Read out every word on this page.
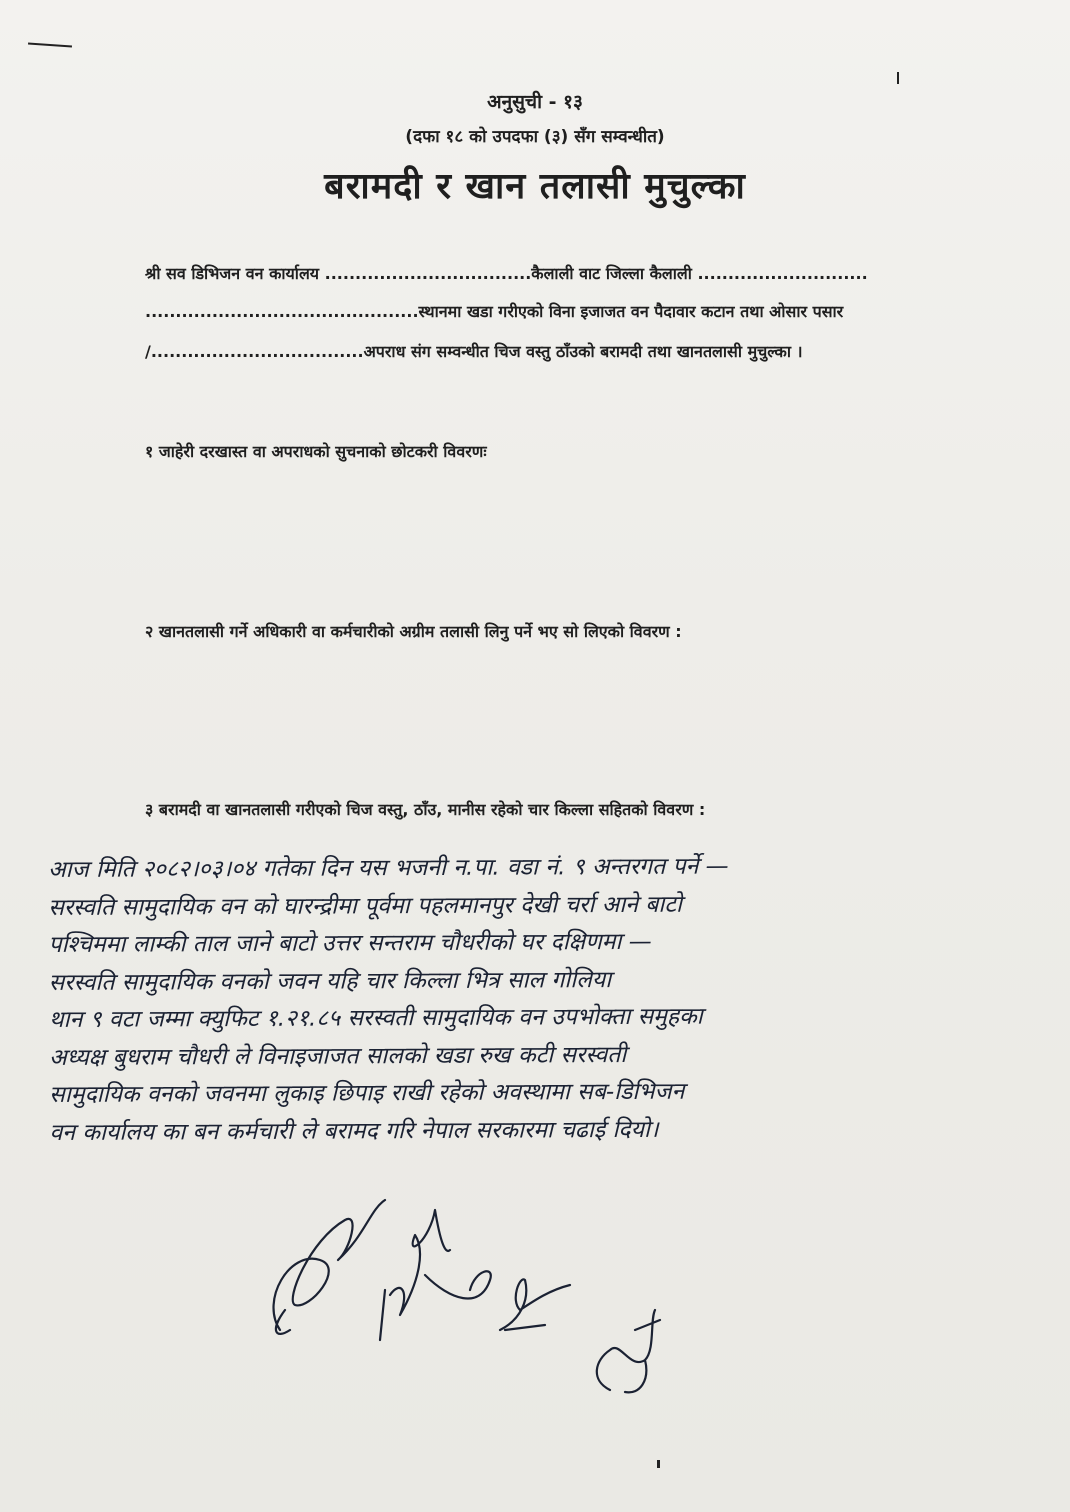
अनुसुची - १३
(दफा १८ को उपदफा (३) सँग सम्वन्धीत)
बरामदी र खान तलासी मुचुल्का
श्री सव डिभिजन वन कार्यालय ..................................कैलाली वाट जिल्ला कैलाली ............................
.............................................स्थानमा खडा गरीएको विना इजाजत वन पैदावार कटान तथा ओसार पसार
/...................................अपराध संग सम्वन्धीत चिज वस्तु ठाँउको बरामदी तथा खानतलासी मुचुल्का ।
१ जाहेरी दरखास्त वा अपराधको सुचनाको छोटकरी विवरणः
२ खानतलासी गर्ने अधिकारी वा कर्मचारीको अग्रीम तलासी लिनु पर्ने भए सो लिएको विवरण :
३ बरामदी वा खानतलासी गरीएको चिज वस्तु, ठाँउ, मानीस रहेको चार किल्ला सहितको विवरण :
आज मिति २०८२।०३।०४ गतेका दिन यस भजनी न.पा. वडा नं. ९ अन्तरगत पर्ने —
सरस्वति सामुदायिक वन को घारन्द्रीमा पूर्वमा पहलमानपुर देखी चर्रा आने बाटो
पश्चिममा लाम्की ताल जाने बाटो उत्तर सन्तराम चौधरीको घर दक्षिणमा —
सरस्वति सामुदायिक वनको जवन यहि चार किल्ला भित्र साल गोलिया
थान ९ वटा जम्मा क्युफिट १.२१.८५ सरस्वती सामुदायिक वन उपभोक्ता समुहका
अध्यक्ष बुधराम चौधरी ले विनाइजाजत सालको खडा रुख कटी सरस्वती
सामुदायिक वनको जवनमा लुकाइ छिपाइ राखी रहेको अवस्थामा सब-डिभिजन
वन कार्यालय का बन कर्मचारी ले बरामद गरि नेपाल सरकारमा चढाई दियो।
